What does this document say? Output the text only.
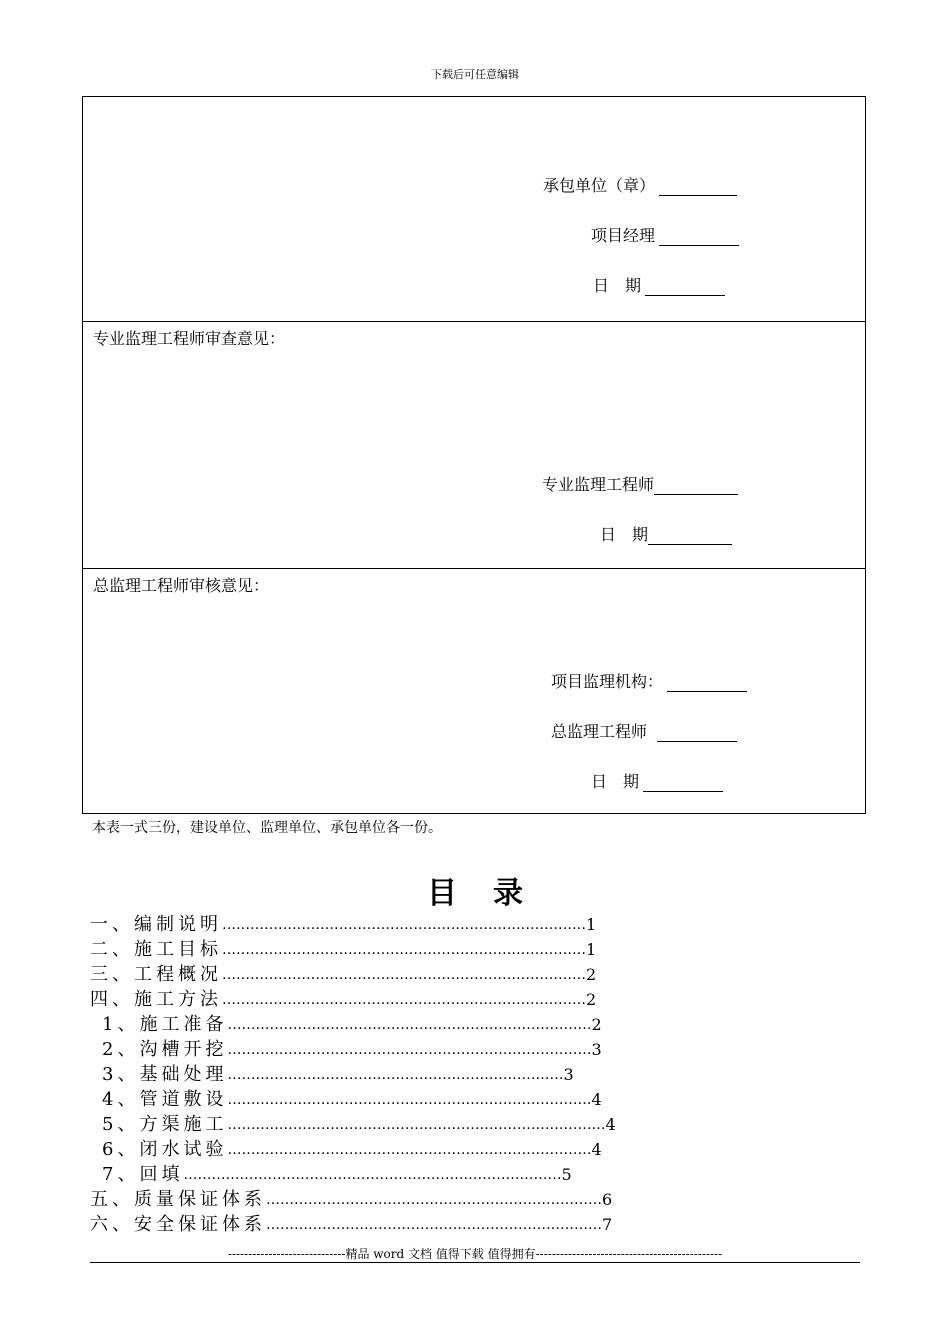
下载后可任意编辑
承包单位（章）
项目经理
日　期
专业监理工程师审查意见：
专业监理工程师
日　期
总监理工程师审核意见：
项目监理机构：
总监理工程师
日　期
本表一式三份，建设单位、监理单位、承包单位各一份。
目录
一、编制说明……………………………………………………………………1
二、施工目标……………………………………………………………………1
三、工程概况……………………………………………………………………2
四、施工方法……………………………………………………………………2
1、施工准备……………………………………………………………………2
2、沟槽开挖……………………………………………………………………3
3、基础处理………………………………………………………………3
4、管道敷设……………………………………………………………………4
5、方渠施工………………………………………………………………………4
6、闭水试验……………………………………………………………………4
7、回填………………………………………………………………………5
五、质量保证体系………………………………………………………………6
六、安全保证体系………………………………………………………………7
-----------------------------精品 word 文档 值得下载 值得拥有----------------------------------------------
